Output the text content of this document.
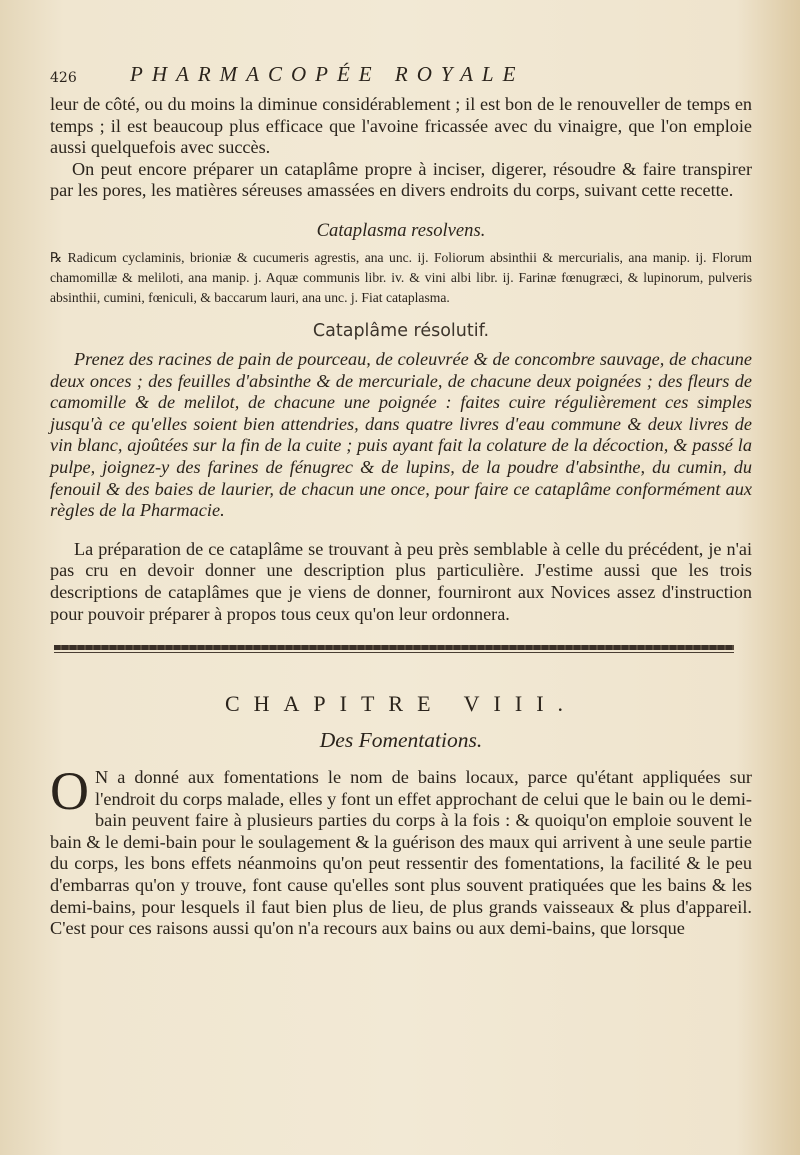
426	PHARMACOPÉE ROYALE

leur de côté, ou du moins la diminue considérablement ; il est bon de le renouveller de temps en temps ; il est beaucoup plus efficace que l'avoine fricassée avec du vinaigre, que l'on emploie aussi quelquefois avec succès.

On peut encore préparer un cataplâme propre à inciser, digerer, résoudre & faire transpirer par les pores, les matières séreuses amassées en divers endroits du corps, suivant cette recette.

Cataplasma resolvens.

℞ Radicum cyclaminis, brioniæ & cucumeris agrestis, ana unc. ij. Foliorum absinthii & mercurialis, ana manip. ij. Florum chamomillæ & meliloti, ana manip. j. Aquæ communis libr. iv. & vini albi libr. ij. Farinæ fœnugræci, & lupinorum, pulveris absinthii, cumini, fœniculi, & baccarum lauri, ana unc. j. Fiat cataplasma.

Cataplâme résolutif.

Prenez des racines de pain de pourceau, de coleuvrée & de concombre sauvage, de chacune deux onces ; des feuilles d'absinthe & de mercuriale, de chacune deux poignées ; des fleurs de camomille & de melilot, de chacune une poignée : faites cuire régulièrement ces simples jusqu'à ce qu'elles soient bien attendries, dans quatre livres d'eau commune & deux livres de vin blanc, ajoûtées sur la fin de la cuite ; puis ayant fait la colature de la décoction, & passé la pulpe, joignez-y des farines de fénugrec & de lupins, de la poudre d'absinthe, du cumin, du fenouil & des baies de laurier, de chacun une once, pour faire ce cataplâme conformément aux règles de la Pharmacie.

La préparation de ce cataplâme se trouvant à peu près semblable à celle du précédent, je n'ai pas cru en devoir donner une description plus particulière. J'estime aussi que les trois descriptions de cataplâmes que je viens de donner, fourniront aux Novices assez d'instruction pour pouvoir préparer à propos tous ceux qu'on leur ordonnera.

CHAPITRE VIII.

Des Fomentations.

O N a donné aux fomentations le nom de bains locaux, parce qu'étant appliquées sur l'endroit du corps malade, elles y font un effet approchant de celui que le bain ou le demi-bain peuvent faire à plusieurs parties du corps à la fois : & quoiqu'on emploie souvent le bain & le demi-bain pour le soulagement & la guérison des maux qui arrivent à une seule partie du corps, les bons effets néanmoins qu'on peut ressentir des fomentations, la facilité & le peu d'embarras qu'on y trouve, font cause qu'elles sont plus souvent pratiquées que les bains & les demi-bains, pour lesquels il faut bien plus de lieu, de plus grands vaisseaux & plus d'appareil. C'est pour ces raisons aussi qu'on n'a recours aux bains ou aux demi-bains, que lorsque
